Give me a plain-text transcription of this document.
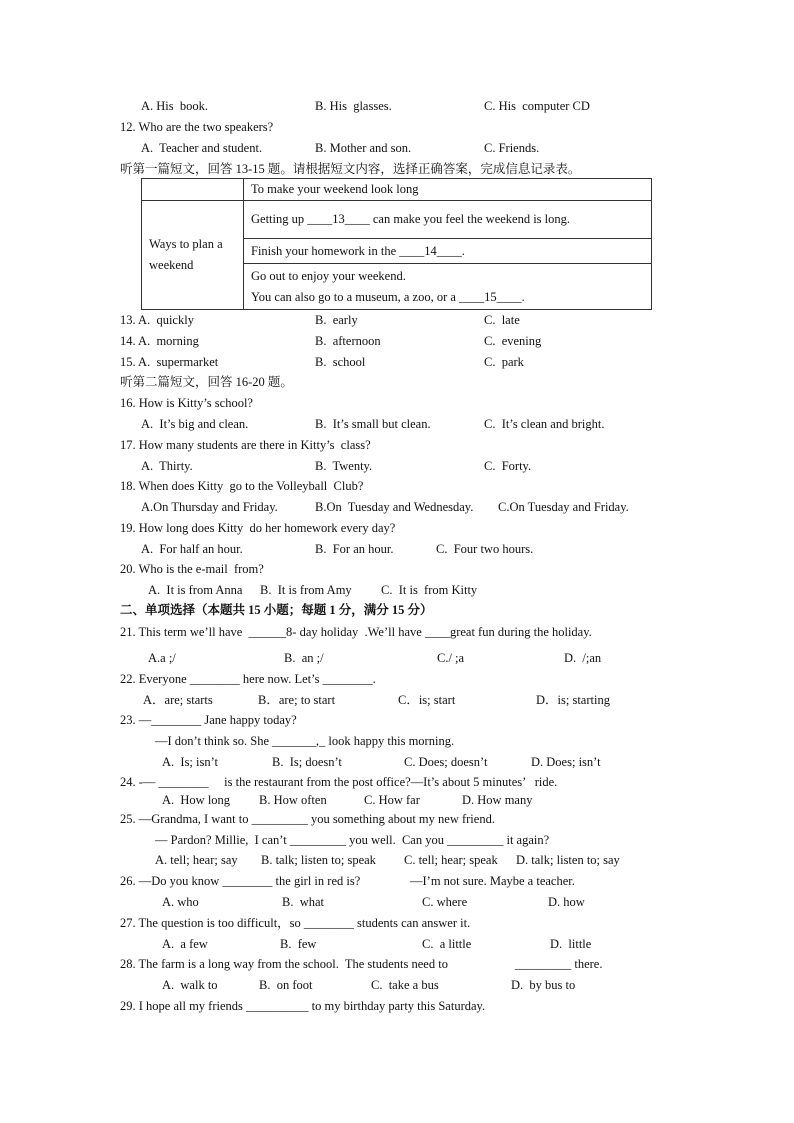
A. His  book.	B. His  glasses.	C. His  computer CD
12. Who are the two speakers?
A.  Teacher and student.	B. Mother and son.	C. Friends.
听第一篇短文，回答 13-15 题。请根据短文内容，选择正确答案，完成信息记录表。
	To make your weekend look long
Ways to plan a weekend	Getting up ____13____ can make you feel the weekend is long.
	Finish your homework in the ____14____.

	Go out to enjoy your weekend.
You can also go to a museum, a zoo, or a ____15____.
13. A.  quickly	B.  early	C.  late
14. A.  morning	B.  afternoon	C.  evening
15. A.  supermarket	B.  school	C.  park
听第二篇短文，回答 16-20 题。
16. How is Kitty’s school?
A.  It’s big and clean.	B.  It’s small but clean.	C.  It’s clean and bright.
17. How many students are there in Kitty’s  class?
A.  Thirty.	B.  Twenty.	C.  Forty.
18. When does Kitty  go to the Volleyball  Club?
A.On Thursday and Friday.	B.On  Tuesday and Wednesday. C.On Tuesday and Friday.
19. How long does Kitty  do her homework every day?
A.  For half an hour.	B.  For an hour.	C.  Four two hours.
20. Who is the e-mail  from?
A.  It is from Anna B.  It is from Amy C.  It is  from Kitty
二、单项选择（本题共 15 小题；每题 1 分，满分 15 分）
21. This term we’ll have  ______8- day holiday  .We’ll have ____great fun during the holiday.
A.a ;/	B.  an ;/	C./ ;a	D.  /;an
22. Everyone ________ here now. Let’s ________.
A．are; starts	B．are; to start	C．is; start	D．is; starting
23. —________ Jane happy today?
—I don’t think so. She _______,_ look happy this morning.
A.  Is; isn’t	B.  Is; doesn’t	C. Does; doesn’t	D. Does; isn’t
24. -— ________     is the restaurant from the post office?—It’s about 5 minutes’   ride.
A.  How long B. How often	C. How far	D. How many
25. —Grandma, I want to _________ you something about my new friend.
— Pardon? Millie,  I can’t _________ you well.  Can you _________ it again?
A. tell; hear; say B. talk; listen to; speak C. tell; hear; speak D. talk; listen to; say
26. —Do you know ________ the girl in red is?	—I’m not sure. Maybe a teacher.
A. who	B.  what	C. where	D. how
27. The question is too difficult，so ________ students can answer it.
A.  a few	B.  few	C.  a little	D.  little
28. The farm is a long way from the school.  The students need to	_________ there.
A.  walk to	B.  on foot	C.  take a bus	D.  by bus to
29. I hope all my friends __________ to my birthday party this Saturday.
